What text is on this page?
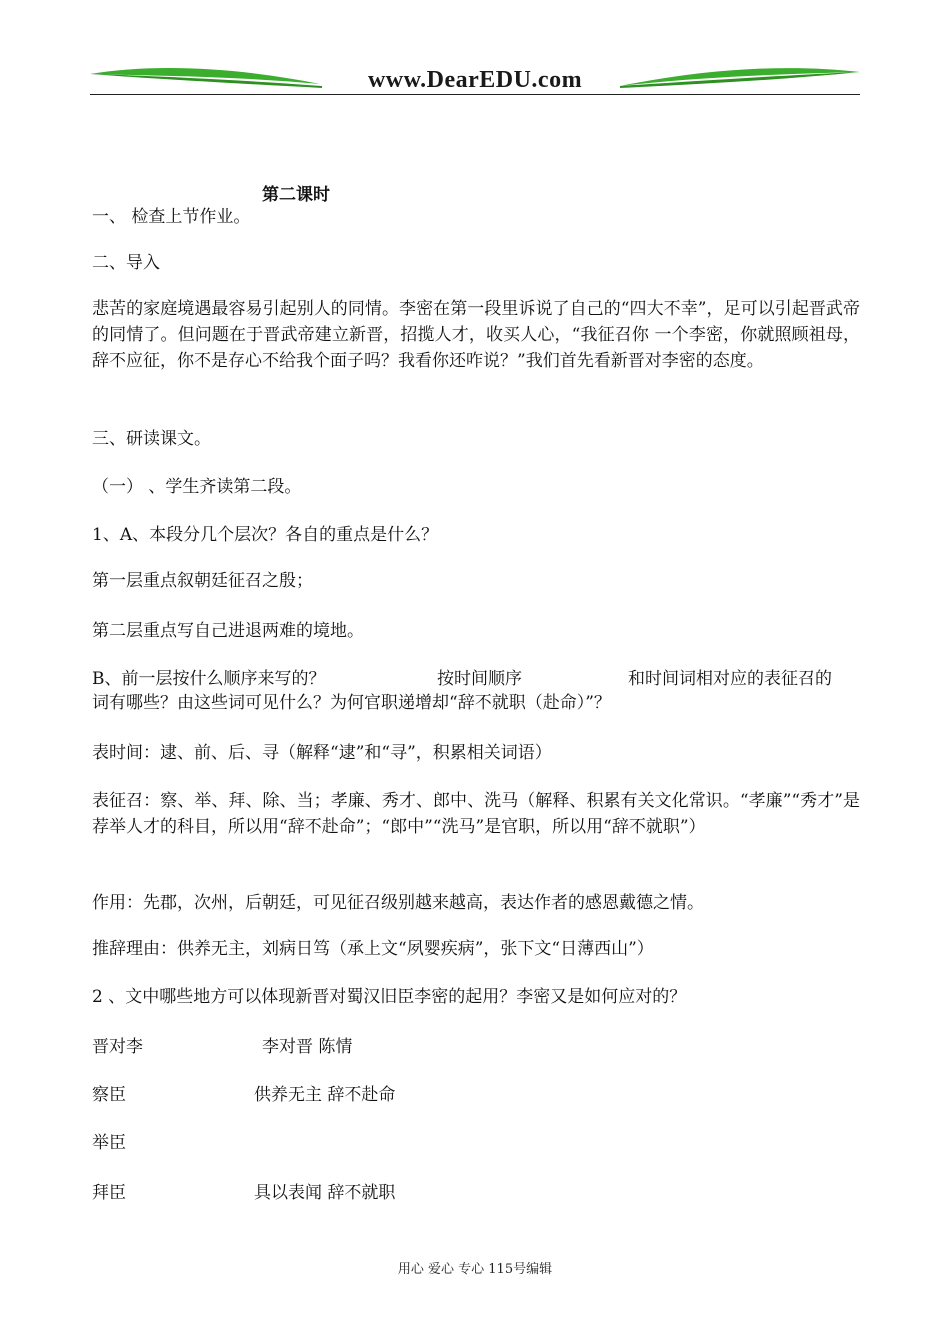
www.DearEDU.com
第二课时
一、 检查上节作业。
二、导入
悲苦的家庭境遇最容易引起别人的同情。李密在第一段里诉说了自己的“四大不幸”，足可以引起晋武帝的同情了。但问题在于晋武帝建立新晋，招揽人才，收买人心，“我征召你 一个李密，你就照顾祖母，辞不应征，你不是存心不给我个面子吗？我看你还咋说？”我们首先看新晋对李密的态度。
三、研读课文。
（一） 、学生齐读第二段。
1、A、本段分几个层次？各自的重点是什么？
第一层重点叙朝廷征召之殷；
第二层重点写自己进退两难的境地。
B、前一层按什么顺序来写的？	按时间顺序	和时间词相对应的表征召的
词有哪些？由这些词可见什么？为何官职递增却“辞不就职（赴命）”？
表时间：逮、前、后、寻（解释“逮”和“寻”，积累相关词语）
表征召：察、举、拜、除、当；孝廉、秀才、郎中、洗马（解释、积累有关文化常识。“孝廉”“秀才”是荐举人才的科目，所以用“辞不赴命”；“郎中”“洗马”是官职，所以用“辞不就职”）
作用：先郡，次州，后朝廷，可见征召级别越来越高，表达作者的感恩戴德之情。
推辞理由：供养无主，刘病日笃（承上文“夙婴疾病”，张下文“日薄西山”）
2 、文中哪些地方可以体现新晋对蜀汉旧臣李密的起用？李密又是如何应对的？
晋对李	李对晋 陈情
察臣	供养无主 辞不赴命
举臣
拜臣	具以表闻 辞不就职
用心 爱心 专心 115号编辑
